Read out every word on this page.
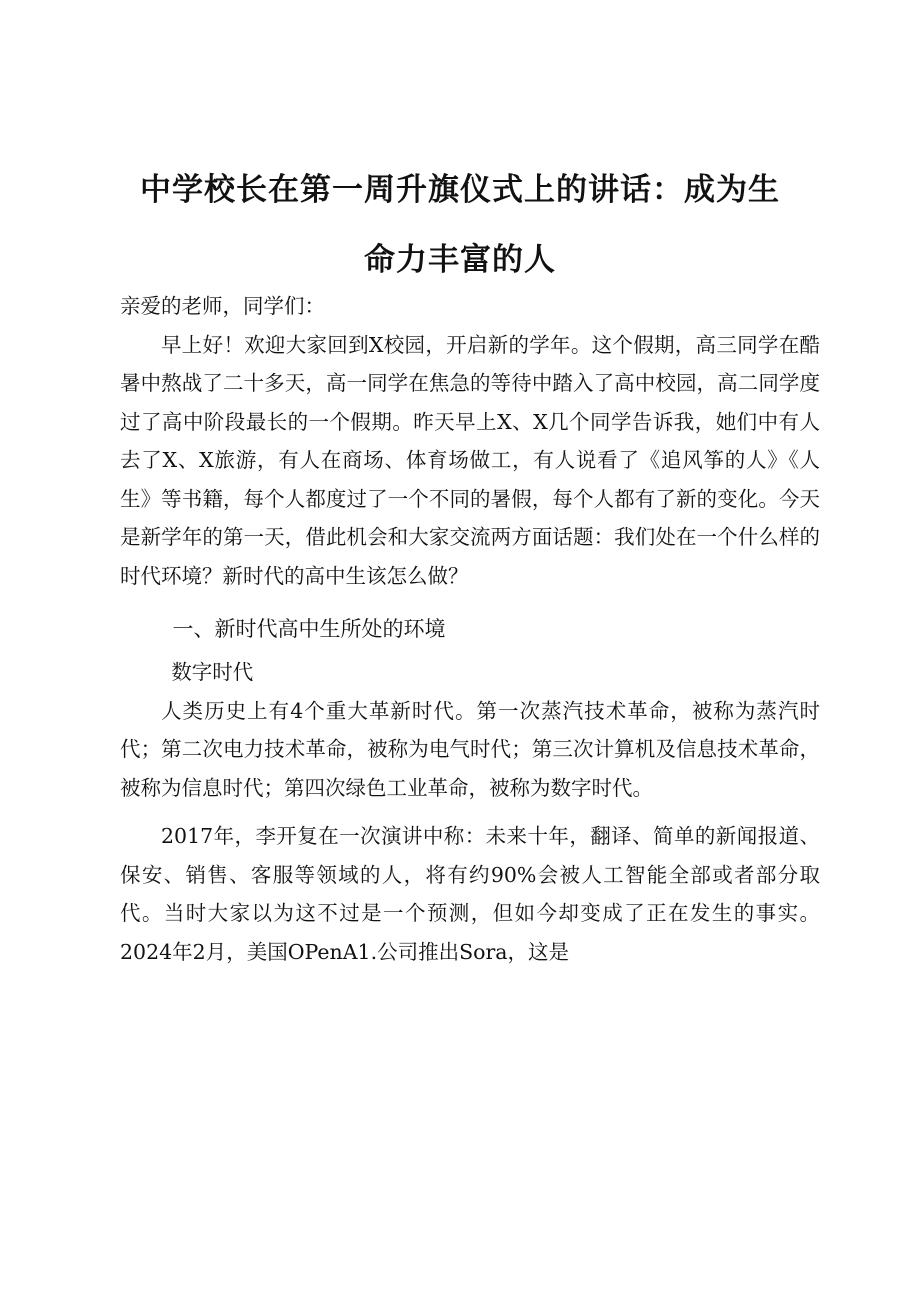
中学校长在第一周升旗仪式上的讲话：成为生
命力丰富的人

亲爱的老师，同学们：

早上好！欢迎大家回到X校园，开启新的学年。这个假期，高三同学在酷暑中熬战了二十多天，高一同学在焦急的等待中踏入了高中校园，高二同学度过了高中阶段最长的一个假期。昨天早上X、X几个同学告诉我，她们中有人去了X、X旅游，有人在商场、体育场做工，有人说看了《追风筝的人》《人生》等书籍，每个人都度过了一个不同的暑假，每个人都有了新的变化。今天是新学年的第一天，借此机会和大家交流两方面话题：我们处在一个什么样的时代环境？新时代的高中生该怎么做？

一、新时代高中生所处的环境

数字时代

人类历史上有4个重大革新时代。第一次蒸汽技术革命，被称为蒸汽时代；第二次电力技术革命，被称为电气时代；第三次计算机及信息技术革命，被称为信息时代；第四次绿色工业革命，被称为数字时代。

2017年，李开复在一次演讲中称：未来十年，翻译、简单的新闻报道、保安、销售、客服等领域的人，将有约90%会被人工智能全部或者部分取代。当时大家以为这不过是一个预测，但如今却变成了正在发生的事实。2024年2月，美国OPenA1.公司推出Sora，这是
